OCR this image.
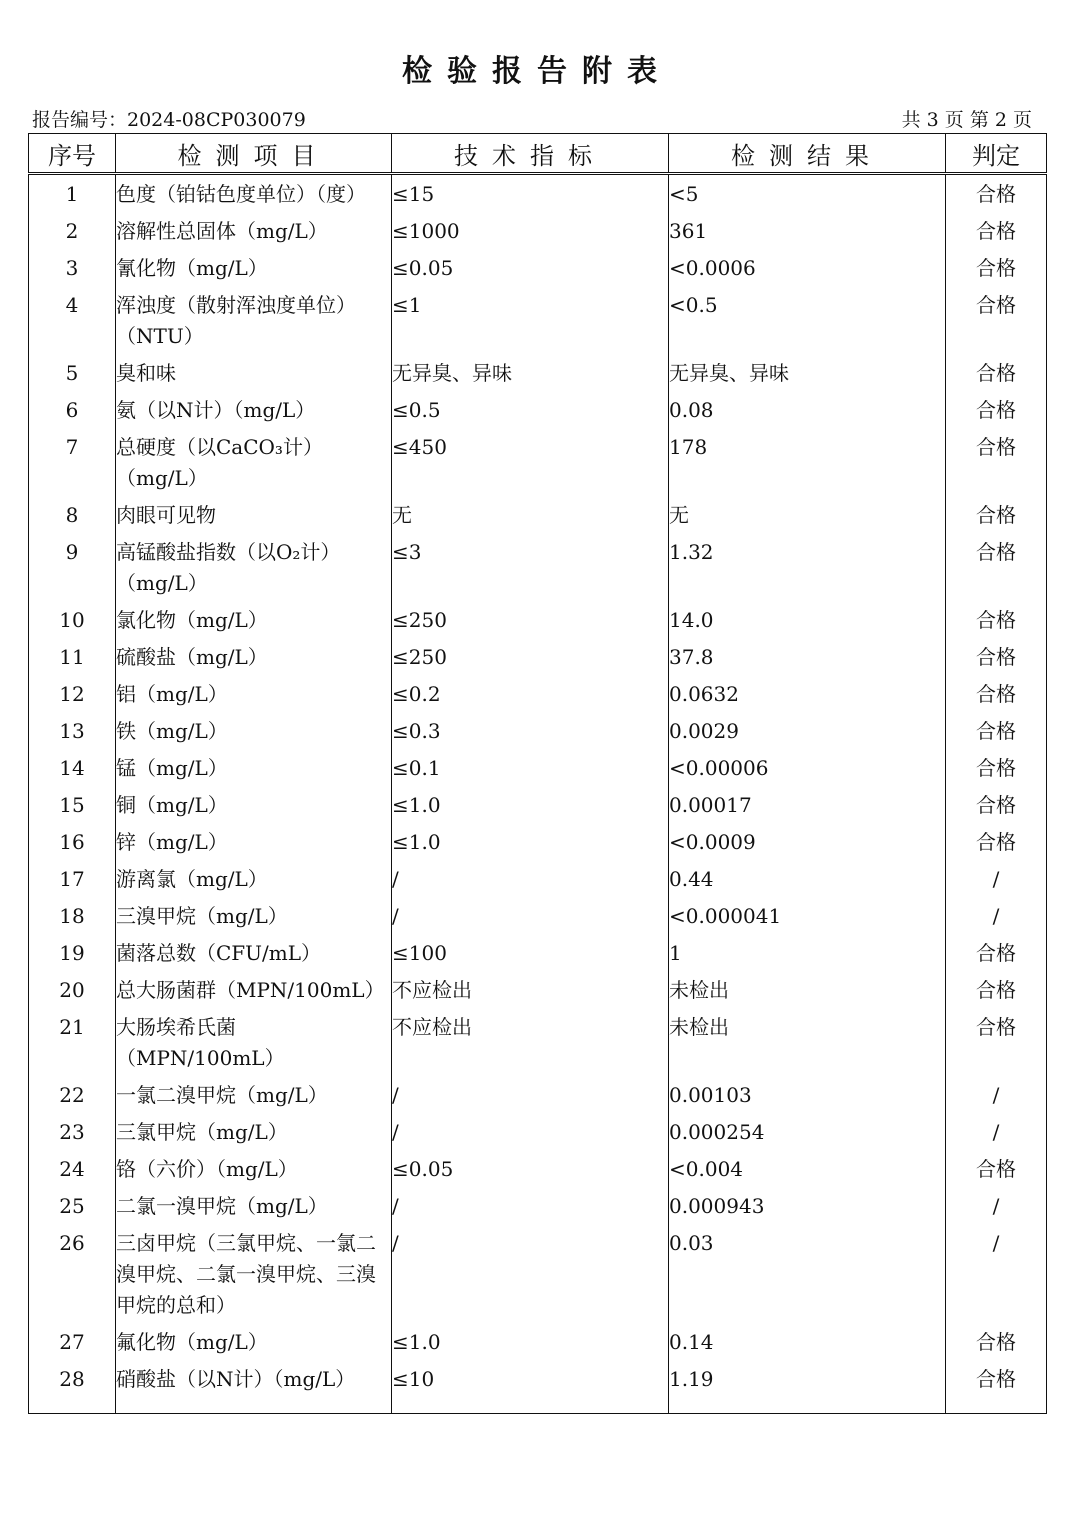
检验报告附表
报告编号：2024-08CP030079	共 3 页 第 2 页
序号	检测项目	技术指标	检测结果	判定
1	色度（铂钴色度单位）（度）	≤15	<5	合格
2	溶解性总固体（mg/L）	≤1000	361	合格
3	氰化物（mg/L）	≤0.05	<0.0006	合格
4	浑浊度（散射浑浊度单位）（NTU）	≤1	<0.5	合格
5	臭和味	无异臭、异味	无异臭、异味	合格
6	氨（以N计）（mg/L）	≤0.5	0.08	合格
7	总硬度（以CaCO₃计）（mg/L）	≤450	178	合格
8	肉眼可见物	无	无	合格
9	高锰酸盐指数（以O₂计）（mg/L）	≤3	1.32	合格
10	氯化物（mg/L）	≤250	14.0	合格
11	硫酸盐（mg/L）	≤250	37.8	合格
12	铝（mg/L）	≤0.2	0.0632	合格
13	铁（mg/L）	≤0.3	0.0029	合格
14	锰（mg/L）	≤0.1	<0.00006	合格
15	铜（mg/L）	≤1.0	0.00017	合格
16	锌（mg/L）	≤1.0	<0.0009	合格
17	游离氯（mg/L）	/	0.44	/
18	三溴甲烷（mg/L）	/	<0.000041	/
19	菌落总数（CFU/mL）	≤100	1	合格
20	总大肠菌群（MPN/100mL）	不应检出	未检出	合格
21	大肠埃希氏菌（MPN/100mL）	不应检出	未检出	合格
22	一氯二溴甲烷（mg/L）	/	0.00103	/
23	三氯甲烷（mg/L）	/	0.000254	/
24	铬（六价）（mg/L）	≤0.05	<0.004	合格
25	二氯一溴甲烷（mg/L）	/	0.000943	/
26	三卤甲烷（三氯甲烷、一氯二溴甲烷、二氯一溴甲烷、三溴甲烷的总和）	/	0.03	/
27	氟化物（mg/L）	≤1.0	0.14	合格
28	硝酸盐（以N计）（mg/L）	≤10	1.19	合格
